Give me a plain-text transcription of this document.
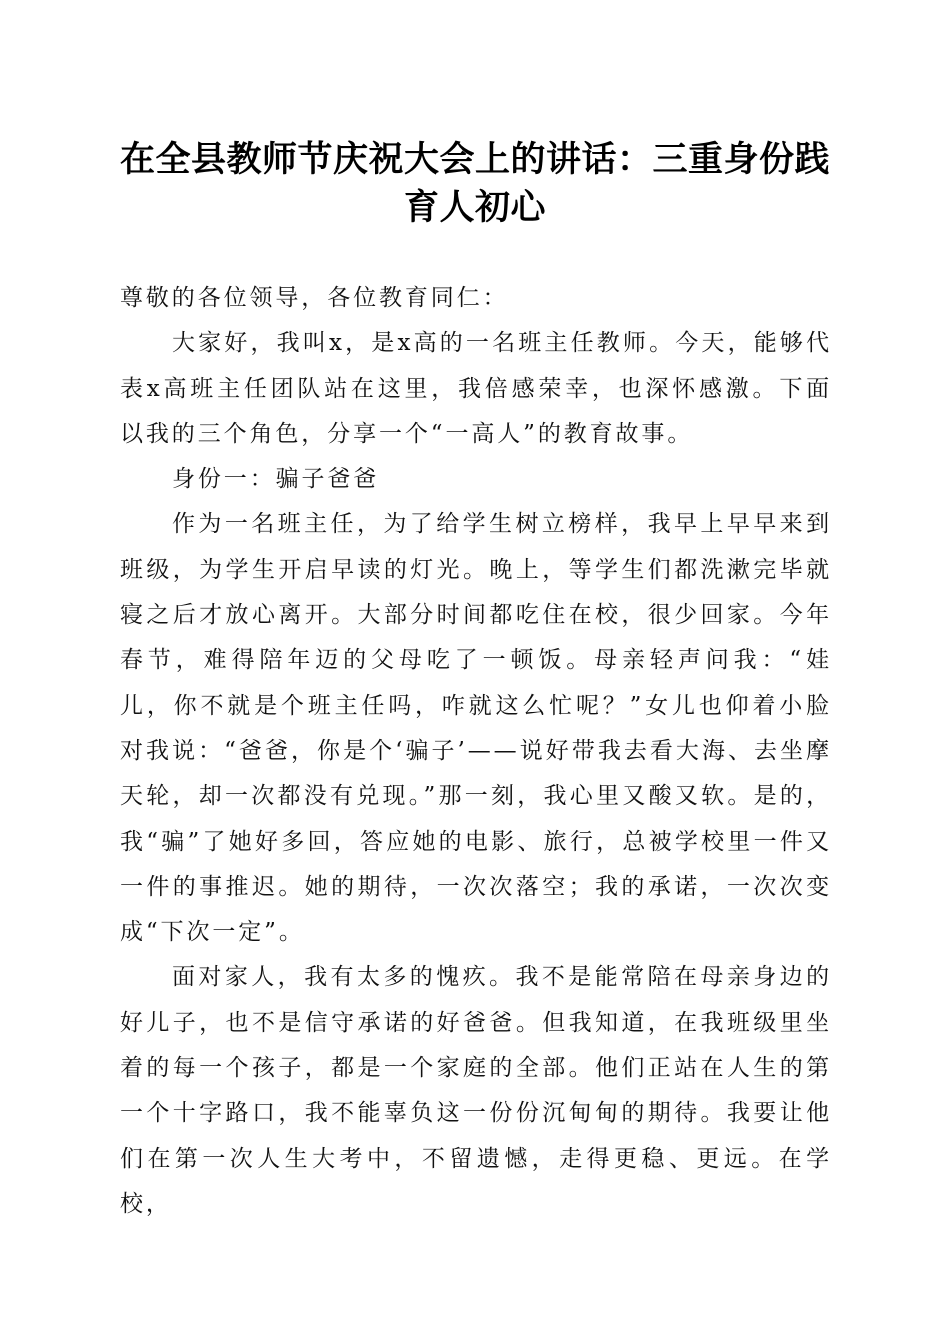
在全县教师节庆祝大会上的讲话：三重身份践育人初心

尊敬的各位领导，各位教育同仁：

大家好，我叫x，是x高的一名班主任教师。今天，能够代表x高班主任团队站在这里，我倍感荣幸，也深怀感激。下面以我的三个角色，分享一个“一高人”的教育故事。

身份一：骗子爸爸

作为一名班主任，为了给学生树立榜样，我早上早早来到班级，为学生开启早读的灯光。晚上，等学生们都洗漱完毕就寝之后才放心离开。大部分时间都吃住在校，很少回家。今年春节，难得陪年迈的父母吃了一顿饭。母亲轻声问我：“娃儿，你不就是个班主任吗，咋就这么忙呢？”女儿也仰着小脸对我说：“爸爸，你是个‘骗子’——说好带我去看大海、去坐摩天轮，却一次都没有兑现。”那一刻，我心里又酸又软。是的，我“骗”了她好多回，答应她的电影、旅行，总被学校里一件又一件的事推迟。她的期待，一次次落空；我的承诺，一次次变成“下次一定”。

面对家人，我有太多的愧疚。我不是能常陪在母亲身边的好儿子，也不是信守承诺的好爸爸。但我知道，在我班级里坐着的每一个孩子，都是一个家庭的全部。他们正站在人生的第一个十字路口，我不能辜负这一份份沉甸甸的期待。我要让他们在第一次人生大考中，不留遗憾，走得更稳、更远。在学校，
